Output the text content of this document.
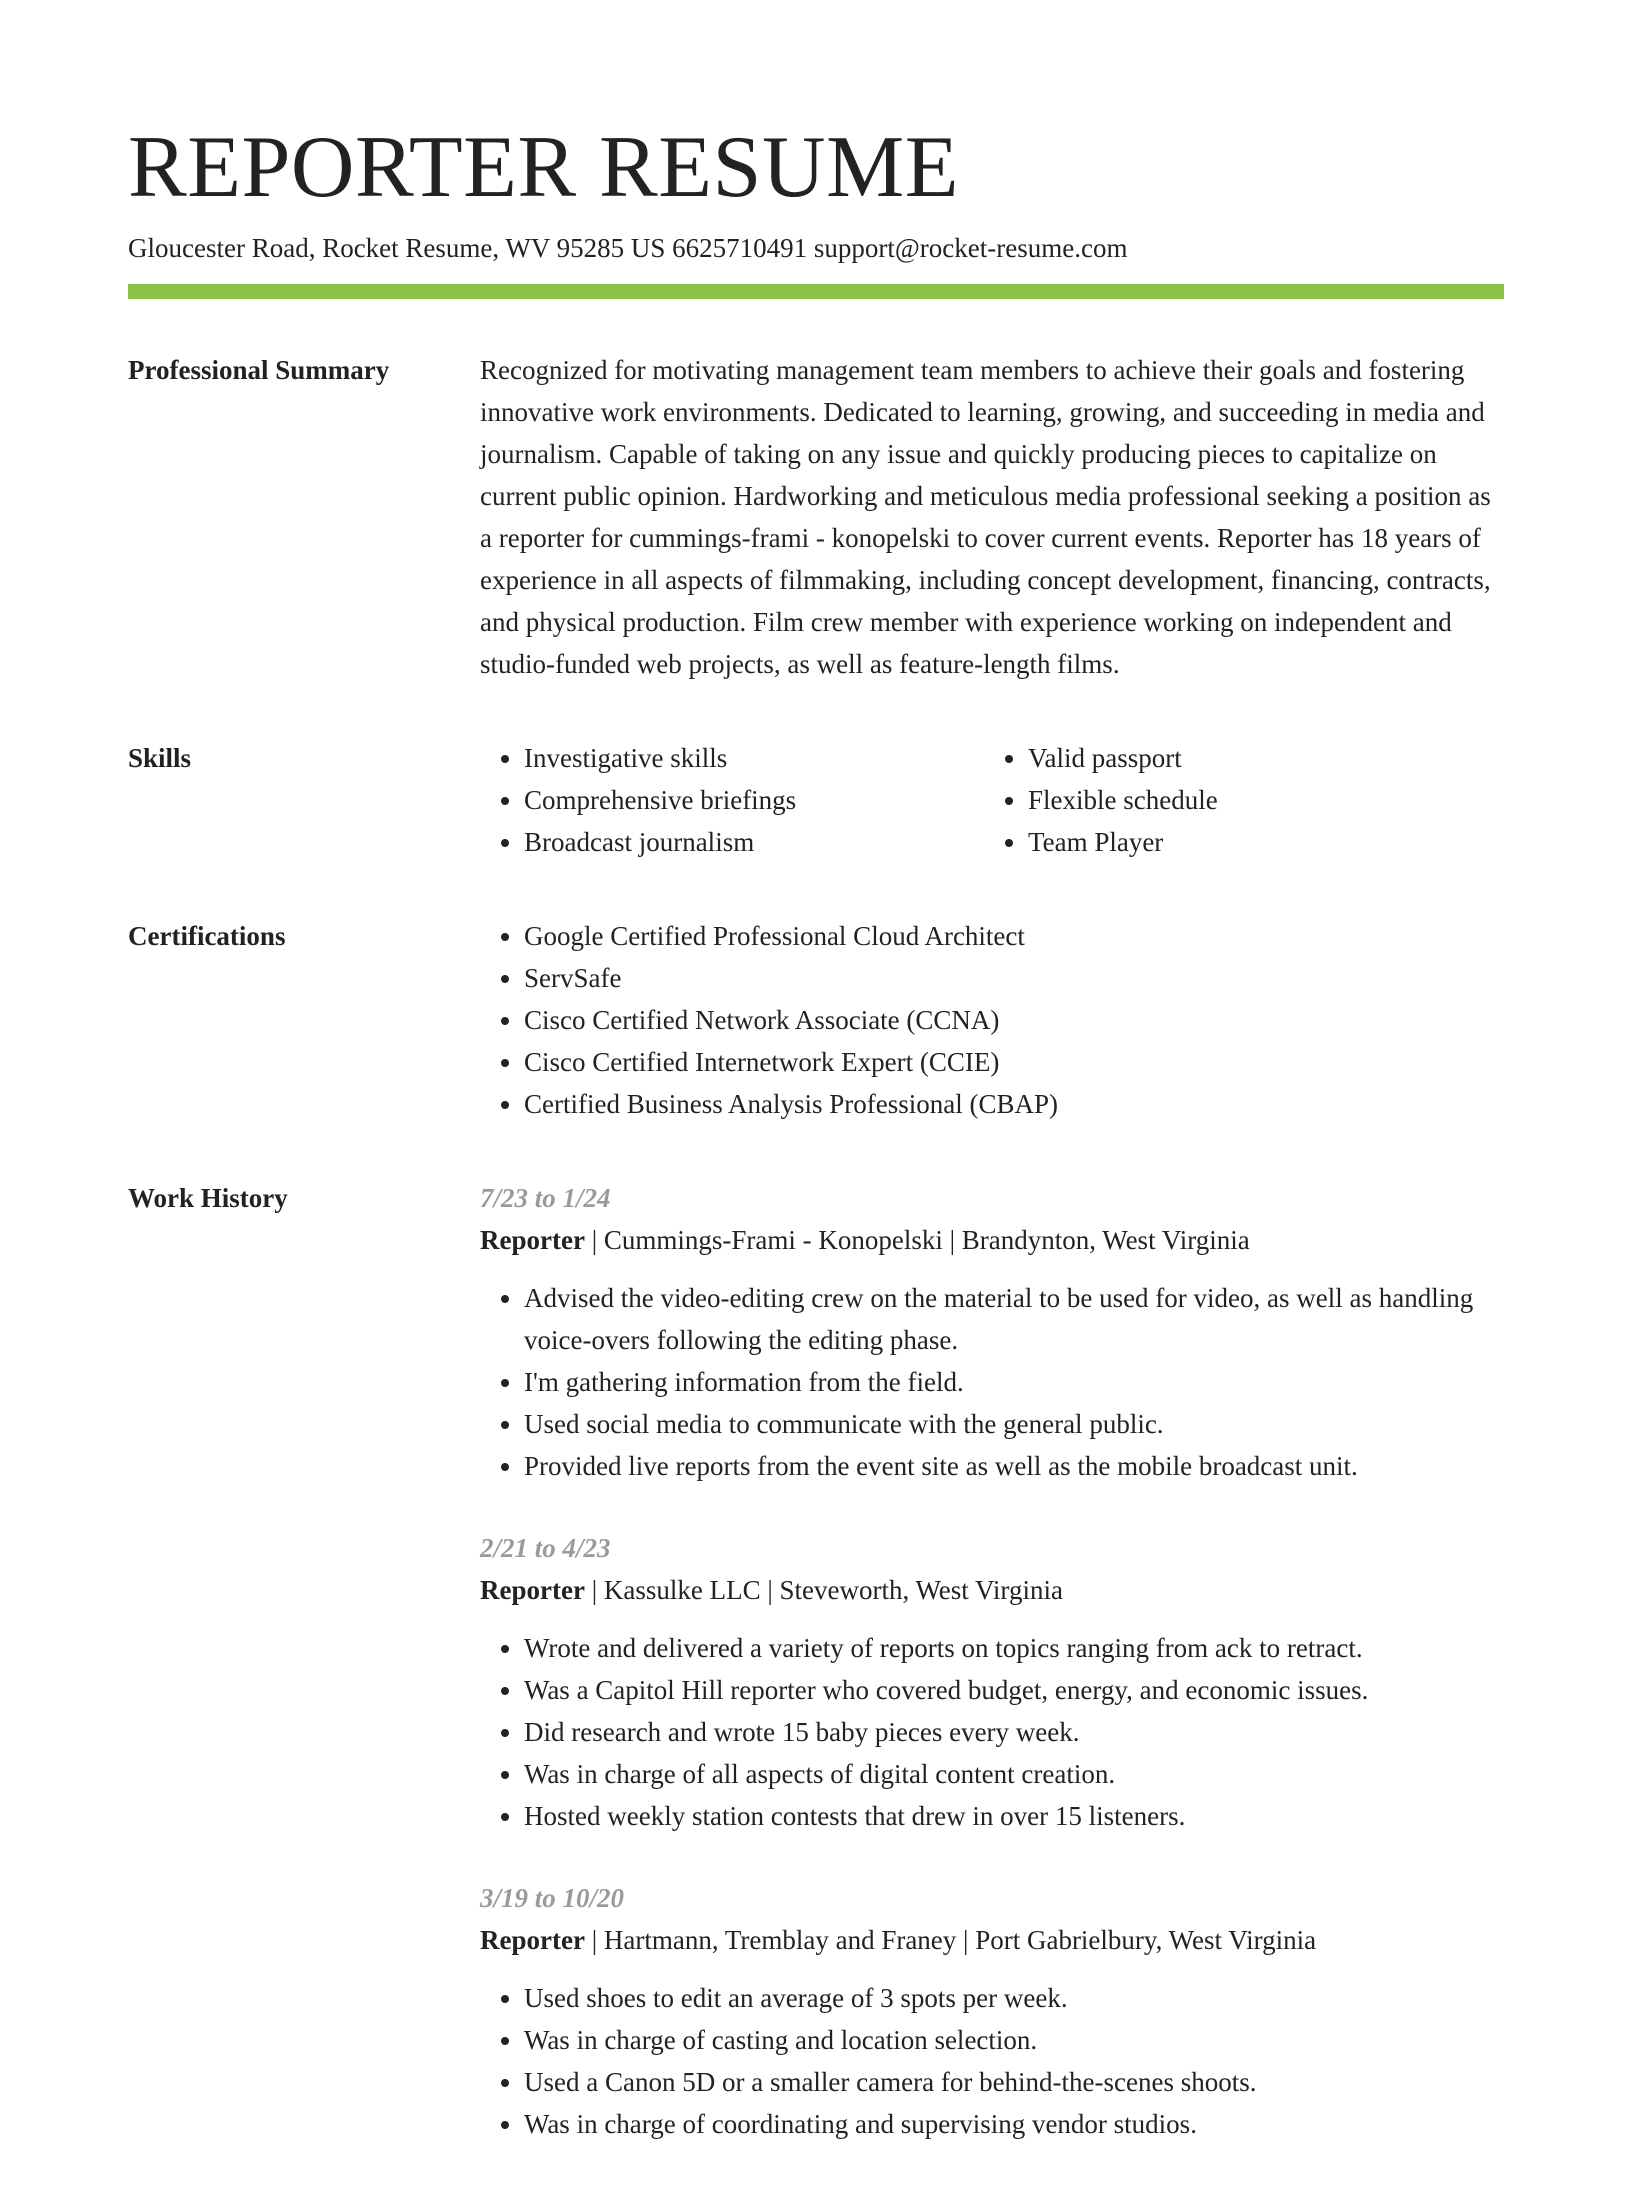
REPORTER RESUME
Gloucester Road, Rocket Resume, WV 95285 US 6625710491 support@rocket-resume.com
Professional Summary	Recognized for motivating management team members to achieve their goals and fostering innovative work environments. Dedicated to learning, growing, and succeeding in media and journalism. Capable of taking on any issue and quickly producing pieces to capitalize on current public opinion. Hardworking and meticulous media professional seeking a position as a reporter for cummings-frami - konopelski to cover current events. Reporter has 18 years of experience in all aspects of filmmaking, including concept development, financing, contracts, and physical production. Film crew member with experience working on independent and studio-funded web projects, as well as feature-length films.

Skills	• Investigative skills
• Comprehensive briefings
• Broadcast journalism
• Valid passport
• Flexible schedule
• Team Player
Certifications	• Google Certified Professional Cloud Architect
• ServSafe
• Cisco Certified Network Associate (CCNA)
• Cisco Certified Internetwork Expert (CCIE)
• Certified Business Analysis Professional (CBAP)
Work History	7/23 to 1/24
Reporter | Cummings-Frami - Konopelski | Brandynton, West Virginia
• Advised the video-editing crew on the material to be used for video, as well as handling voice-overs following the editing phase.
• I'm gathering information from the field.
• Used social media to communicate with the general public.
• Provided live reports from the event site as well as the mobile broadcast unit.
2/21 to 4/23
Reporter | Kassulke LLC | Steveworth, West Virginia
• Wrote and delivered a variety of reports on topics ranging from ack to retract.
• Was a Capitol Hill reporter who covered budget, energy, and economic issues.
• Did research and wrote 15 baby pieces every week.
• Was in charge of all aspects of digital content creation.
• Hosted weekly station contests that drew in over 15 listeners.
3/19 to 10/20
Reporter | Hartmann, Tremblay and Franey | Port Gabrielbury, West Virginia
• Used shoes to edit an average of 3 spots per week.
• Was in charge of casting and location selection.
• Used a Canon 5D or a smaller camera for behind-the-scenes shoots.
• Was in charge of coordinating and supervising vendor studios.
